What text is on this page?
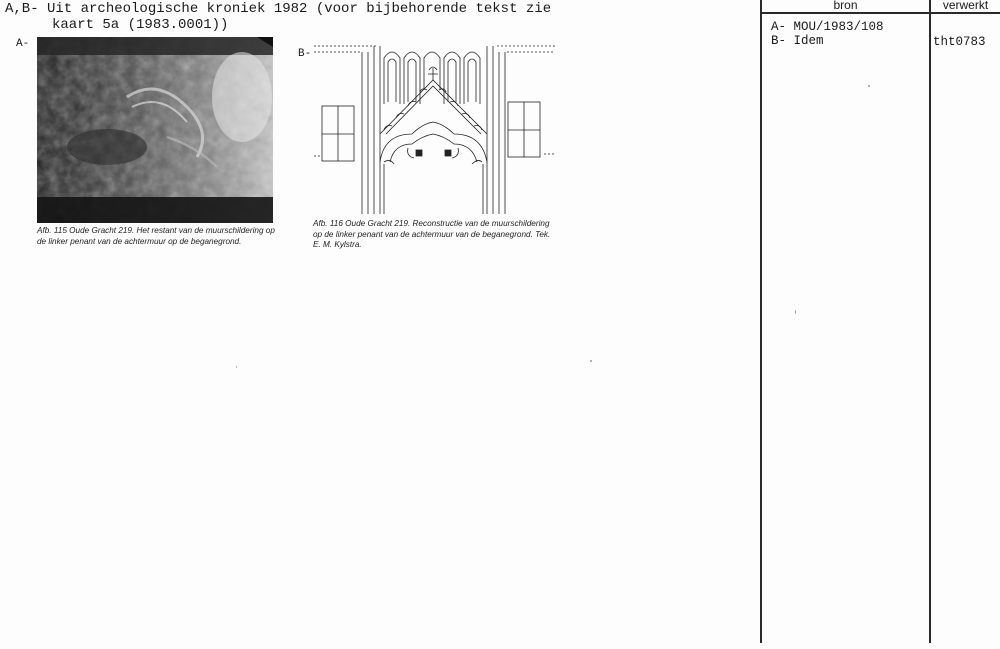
A,B- Uit archeologische kroniek 1982 (voor bijbehorende tekst zie
kaart 5a (1983.0001))
A-
B-
Afb. 115 Oude Gracht 219. Het restant van de muurschildering op de linker penant van de achtermuur op de beganegrond.
Afb. 116 Oude Gracht 219. Reconstructie van de muurschildering op de linker penant van de achtermuur van de beganegrond. Tek. E. M. Kylstra.
bron	verwerkt
A- MOU/1983/108
B- Idem	tht0783
